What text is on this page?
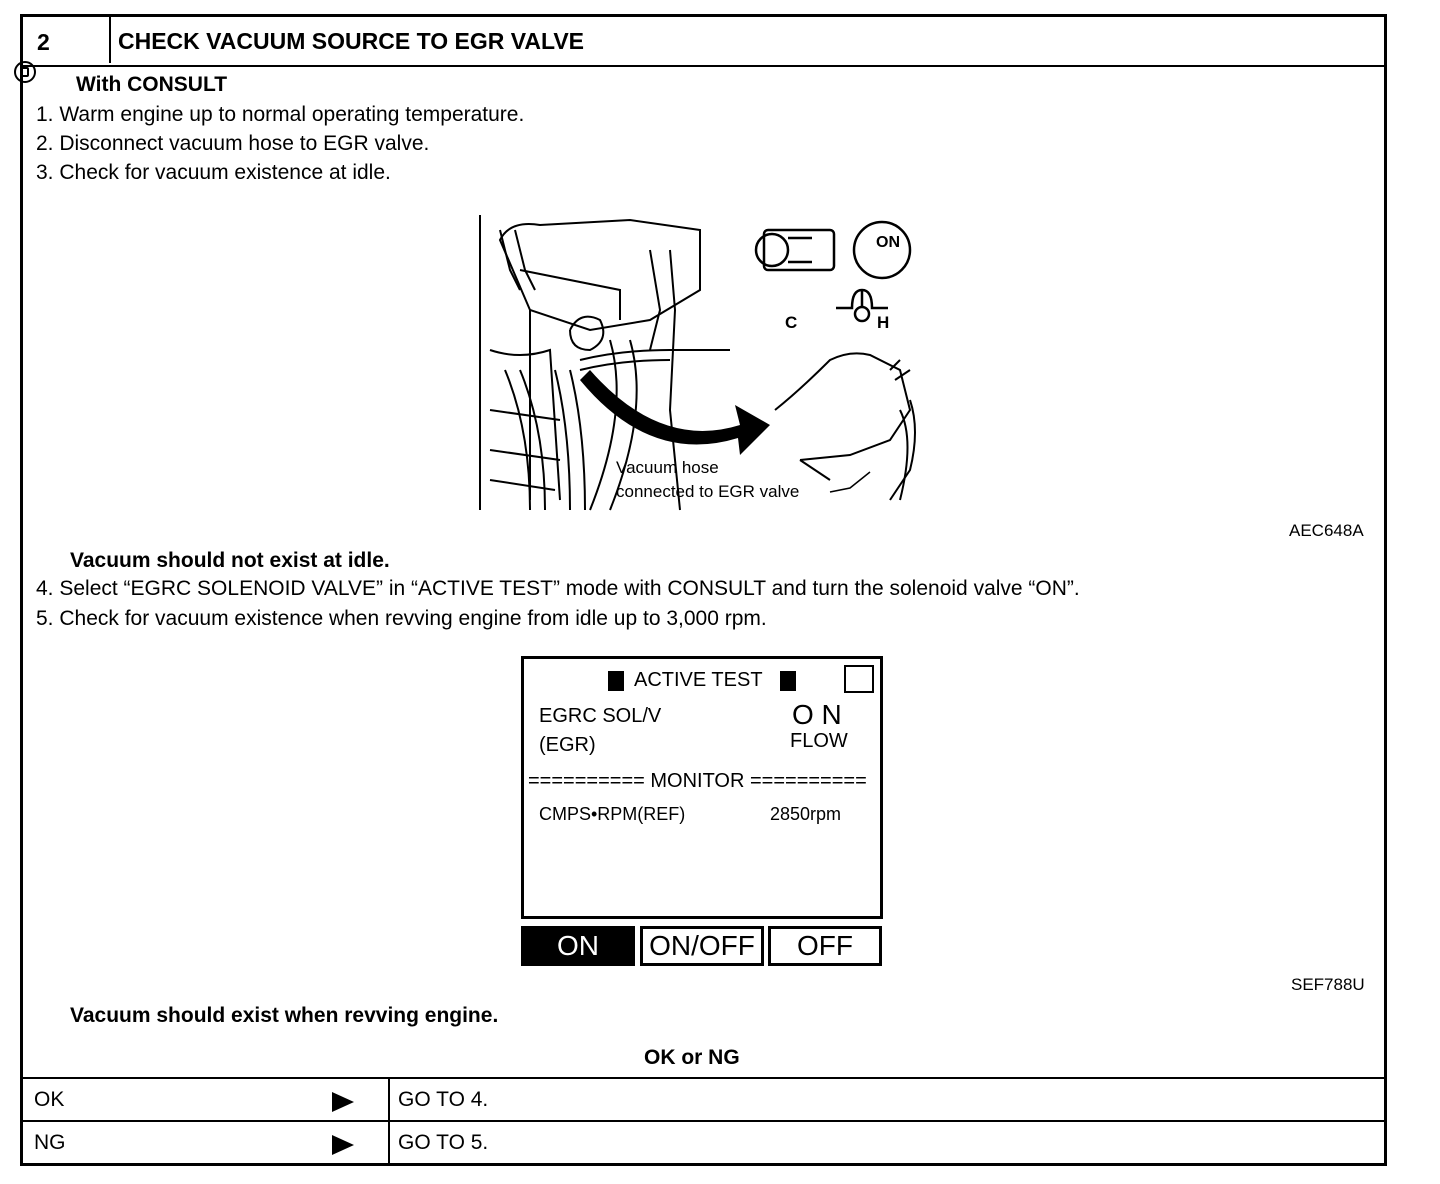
2	CHECK VACUUM SOURCE TO EGR VALVE
With CONSULT
1. Warm engine up to normal operating temperature.
2. Disconnect vacuum hose to EGR valve.
3. Check for vacuum existence at idle.
Vacuum hose
connected to EGR valve
ON
C	H
AEC648A
Vacuum should not exist at idle.
4. Select “EGRC SOLENOID VALVE” in “ACTIVE TEST” mode with CONSULT and turn the solenoid valve “ON”.
5. Check for vacuum existence when revving engine from idle up to 3,000 rpm.
ACTIVE TEST
EGRC SOL/V
(EGR)
O N
FLOW
========== MONITOR ==========
CMPS•RPM(REF)	2850rpm
ON	ON/OFF	OFF
SEF788U
Vacuum should exist when revving engine.
OK or NG
OK	GO TO 4.
NG	GO TO 5.
